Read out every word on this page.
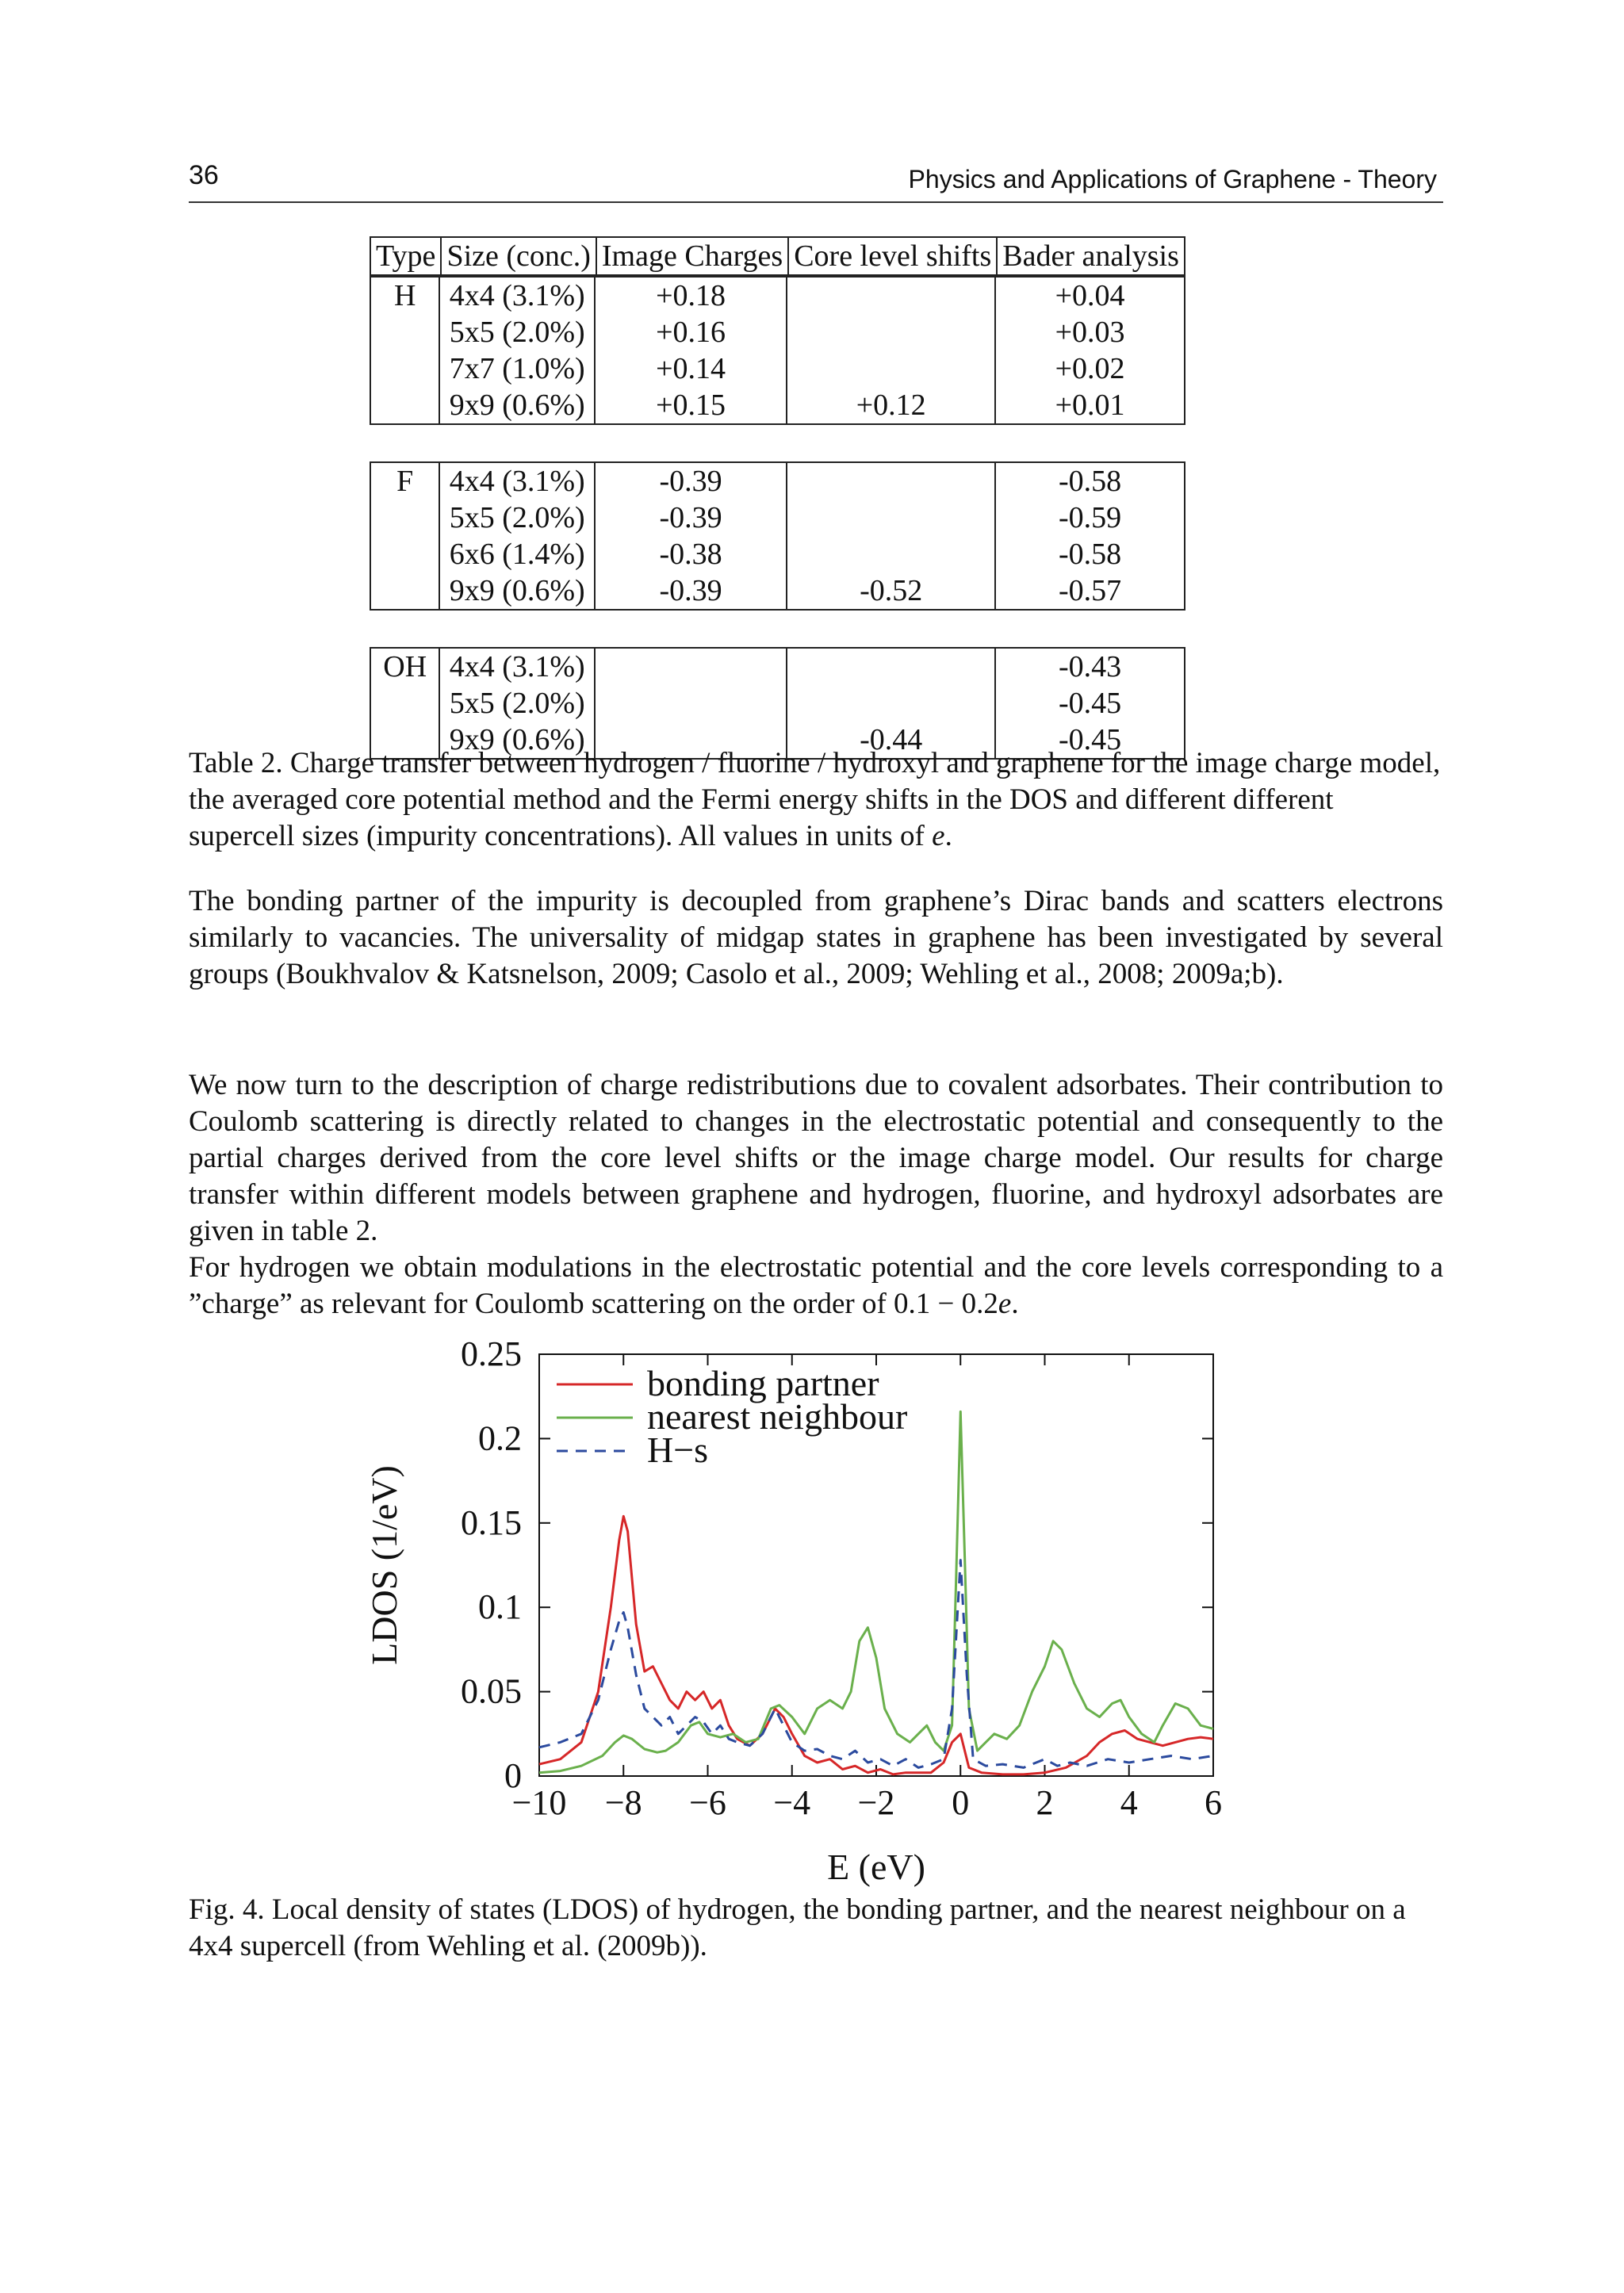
36	Physics and Applications of Graphene - Theory
Type	Size (conc.)	Image Charges	Core level shifts	Bader analysis
H	4x4 (3.1%)	+0.18		+0.04
	5x5 (2.0%)	+0.16		+0.03
	7x7 (1.0%)	+0.14		+0.02
	9x9 (0.6%)	+0.15	+0.12	+0.01

F	4x4 (3.1%)	-0.39		-0.58
	5x5 (2.0%)	-0.39		-0.59
	6x6 (1.4%)	-0.38		-0.58
	9x9 (0.6%)	-0.39	-0.52	-0.57

OH	4x4 (3.1%)			-0.43
	5x5 (2.0%)			-0.45
	9x9 (0.6%)		-0.44	-0.45
Table 2. Charge transfer between hydrogen / fluorine / hydroxyl and graphene for the image charge model, the averaged core potential method and the Fermi energy shifts in the DOS and different different supercell sizes (impurity concentrations). All values in units of e.

The bonding partner of the impurity is decoupled from graphene’s Dirac bands and scatters electrons similarly to vacancies. The universality of midgap states in graphene has been investigated by several groups (Boukhvalov & Katsnelson, 2009; Casolo et al., 2009; Wehling et al., 2008; 2009a;b).

We now turn to the description of charge redistributions due to covalent adsorbates. Their contribution to Coulomb scattering is directly related to changes in the electrostatic potential and consequently to the partial charges derived from the core level shifts or the image charge model. Our results for charge transfer within different models between graphene and hydrogen, fluorine, and hydroxyl adsorbates are given in table 2.

For hydrogen we obtain modulations in the electrostatic potential and the core levels corresponding to a ”charge” as relevant for Coulomb scattering on the order of 0.1 − 0.2e.

−10 −8 −6 −4 −2 0 2 4 6
0
0.05
0.1
0.15
0.2
0.25
E (eV)
LDOS (1/eV)
bonding partner
nearest neighbour
H−s
Fig. 4. Local density of states (LDOS) of hydrogen, the bonding partner, and the nearest neighbour on a 4x4 supercell (from Wehling et al. (2009b)).
